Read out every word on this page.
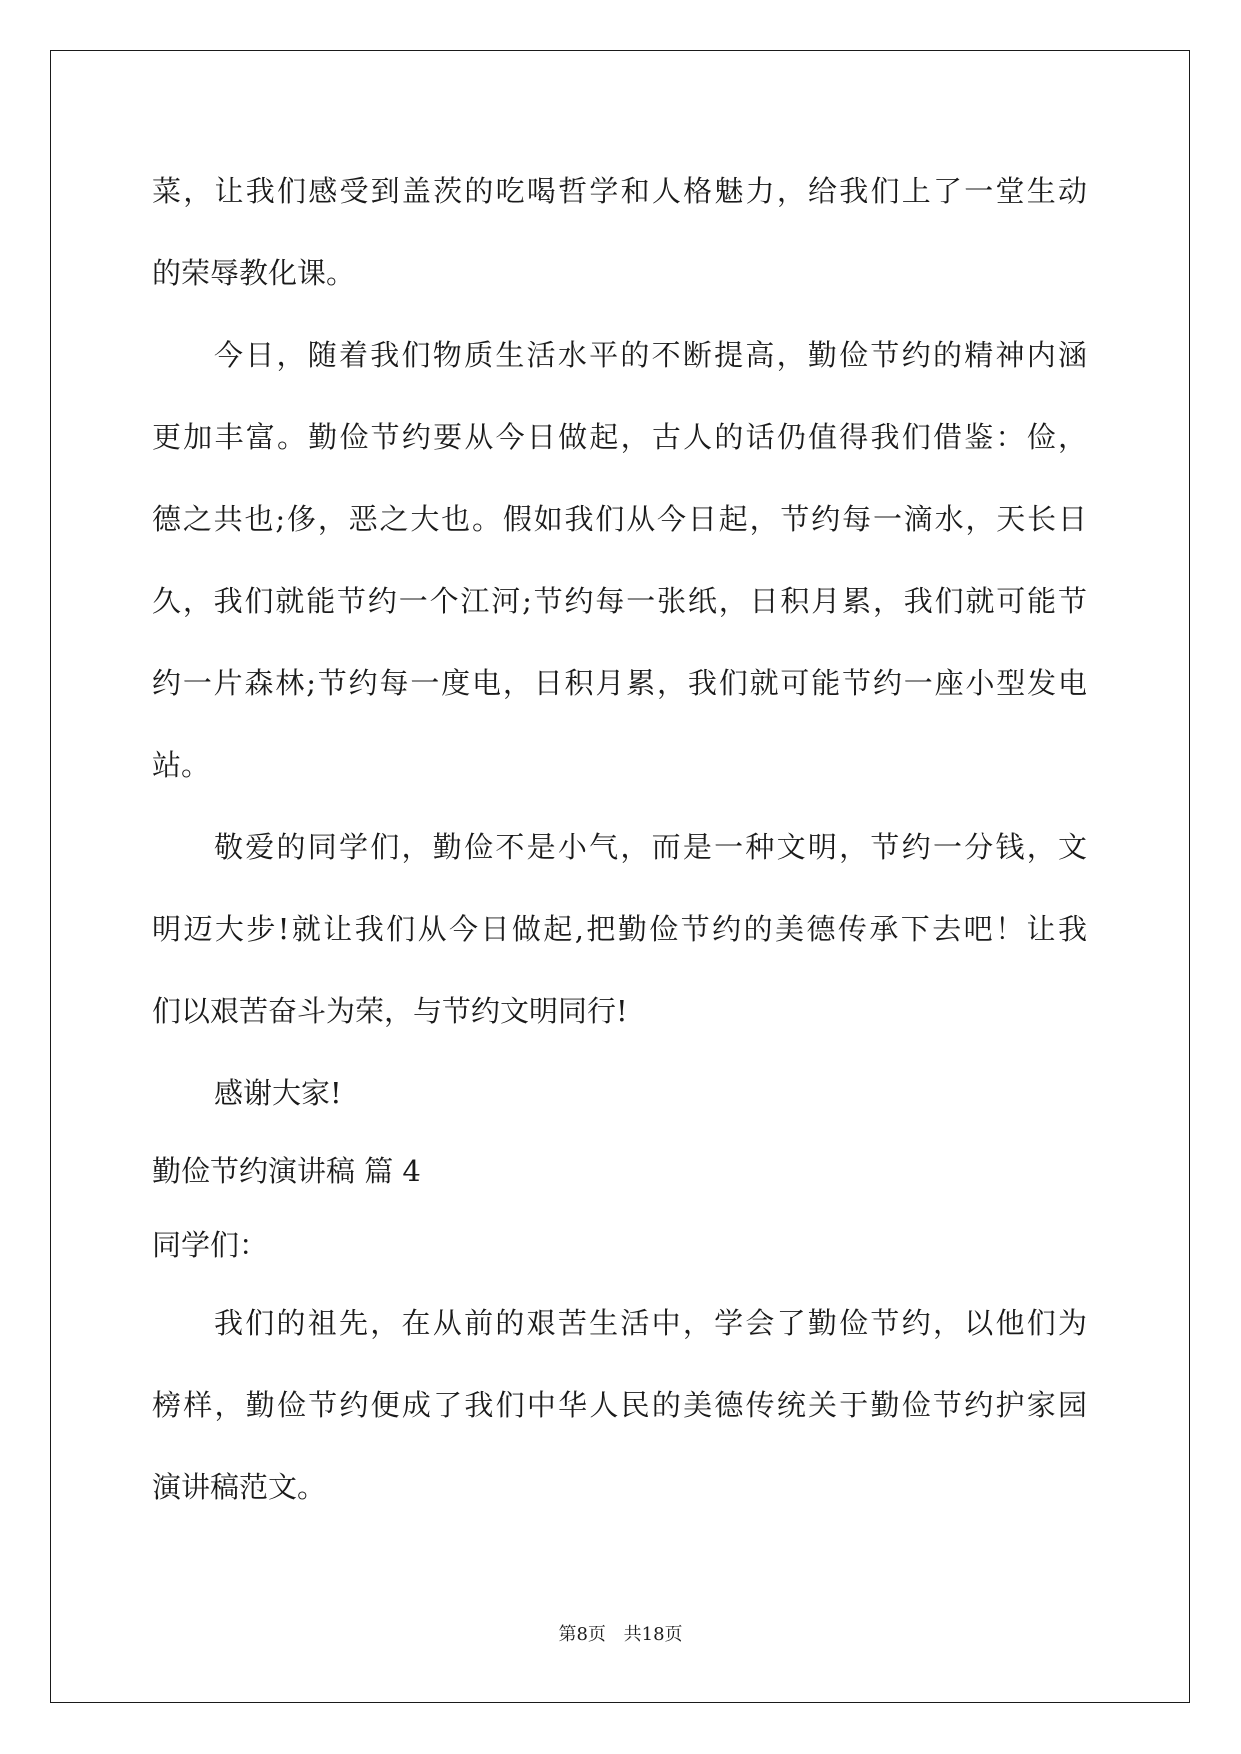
菜，让我们感受到盖茨的吃喝哲学和人格魅力，给我们上了一堂生动
的荣辱教化课。
今日，随着我们物质生活水平的不断提高，勤俭节约的精神内涵
更加丰富。勤俭节约要从今日做起，古人的话仍值得我们借鉴：俭，
德之共也;侈，恶之大也。假如我们从今日起，节约每一滴水，天长日
久，我们就能节约一个江河;节约每一张纸，日积月累，我们就可能节
约一片森林;节约每一度电，日积月累，我们就可能节约一座小型发电
站。
敬爱的同学们，勤俭不是小气，而是一种文明，节约一分钱，文
明迈大步!就让我们从今日做起,把勤俭节约的美德传承下去吧！让我
们以艰苦奋斗为荣，与节约文明同行!
感谢大家!
勤俭节约演讲稿 篇 4
同学们：
我们的祖先，在从前的艰苦生活中，学会了勤俭节约，以他们为
榜样，勤俭节约便成了我们中华人民的美德传统关于勤俭节约护家园
演讲稿范文。
第8页 共18页
